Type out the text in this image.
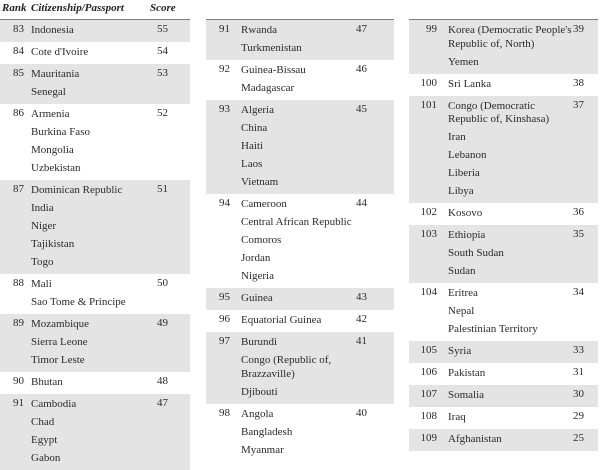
Rank Citizenship/Passport Score
83	55
Indonesia
84	54
Cote d'Ivoire
85	53
Mauritania
Senegal
86	52
Armenia
Burkina Faso
Mongolia
Uzbekistan
87	51
Dominican Republic
India
Niger
Tajikistan
Togo
88	50
Mali
Sao Tome & Principe
89	49
Mozambique
Sierra Leone
Timor Leste
90	48
Bhutan
91	47
Cambodia
Chad
Egypt
Gabon
91	47
Rwanda
Turkmenistan
92	46
Guinea-Bissau
Madagascar
93	45
Algeria
China
Haiti
Laos
Vietnam
94	44
Cameroon
Central African Republic
Comoros
Jordan
Nigeria
95	43
Guinea
96	42
Equatorial Guinea
97	41
Burundi
Congo (Republic of, Brazzaville)
Djibouti
98	40
Angola
Bangladesh
Myanmar
99	39
Korea (Democratic People's Republic of, North)
Yemen
100	38
Sri Lanka
101	37
Congo (Democratic Republic of, Kinshasa)
Iran
Lebanon
Liberia
Libya
102	36
Kosovo
103	35
Ethiopia
South Sudan
Sudan
104	34
Eritrea
Nepal
Palestinian Territory
105	33
Syria
106	31
Pakistan
107	30
Somalia
108	29
Iraq
109	25
Afghanistan
